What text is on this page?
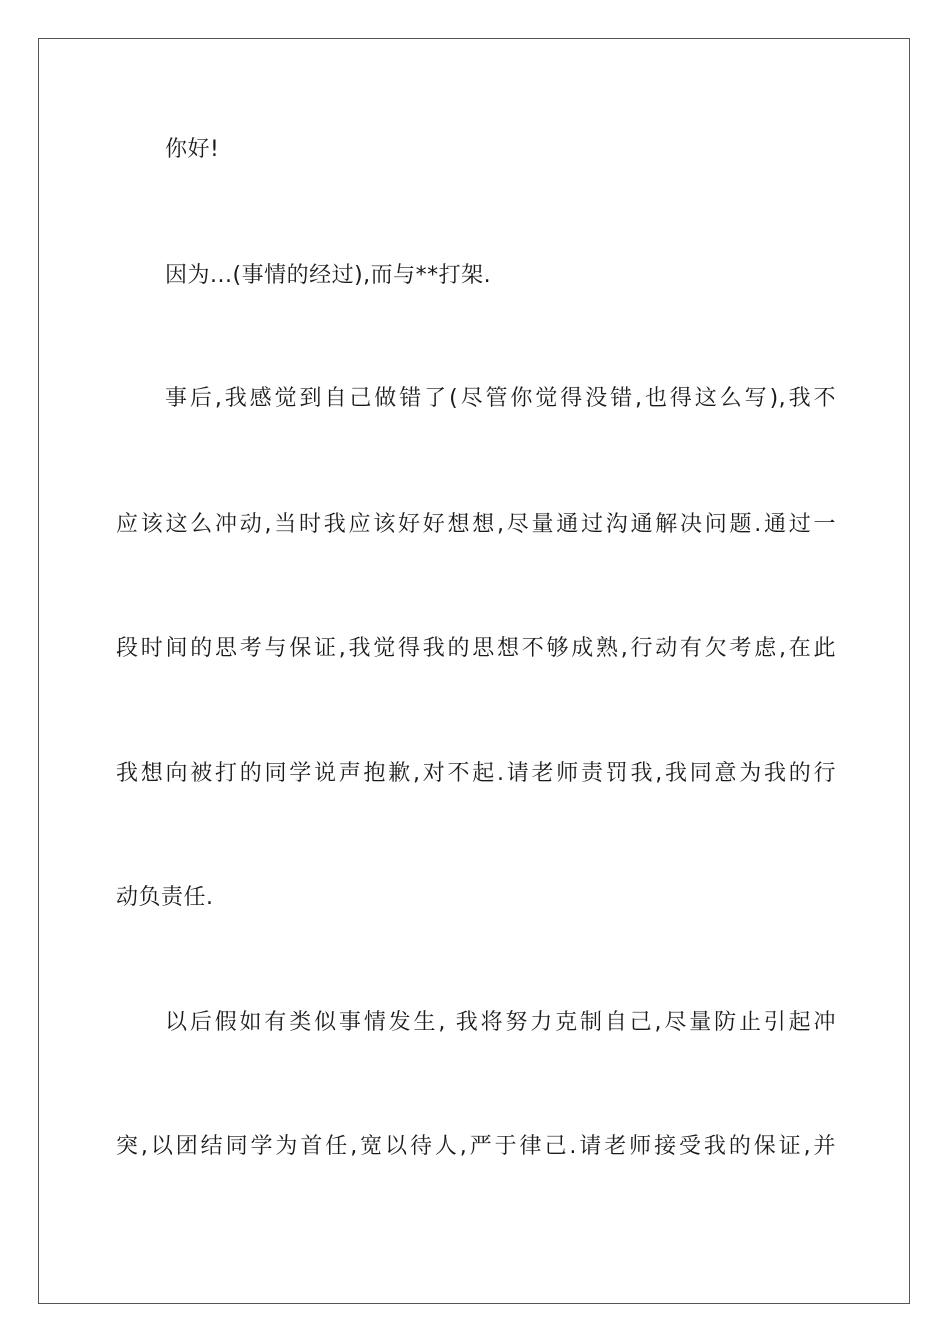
你好!
因为...(事情的经过),而与**打架.
事后,我感觉到自己做错了(尽管你觉得没错,也得这么写),我不
应该这么冲动,当时我应该好好想想,尽量通过沟通解决问题.通过一
段时间的思考与保证,我觉得我的思想不够成熟,行动有欠考虑,在此
我想向被打的同学说声抱歉,对不起.请老师责罚我,我同意为我的行
动负责任.
以后假如有类似事情发生, 我将努力克制自己,尽量防止引起冲
突,以团结同学为首任,宽以待人,严于律己.请老师接受我的保证,并
